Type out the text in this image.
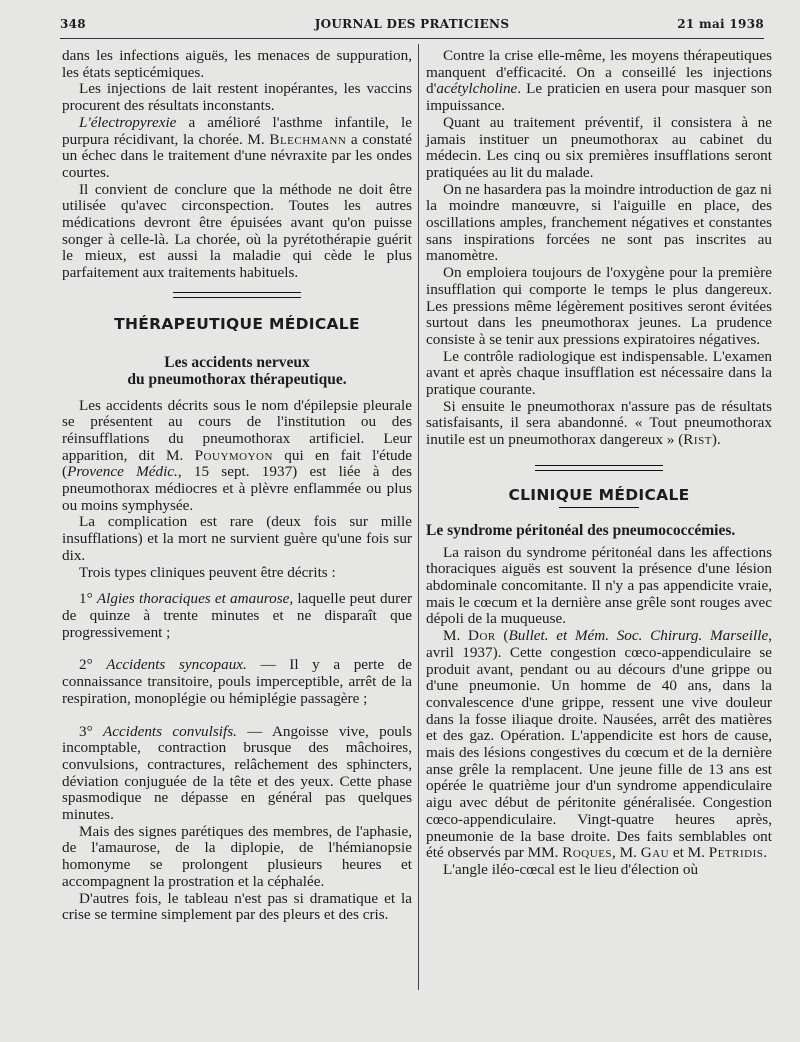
348	JOURNAL DES PRATICIENS	21 mai 1938

dans les infections aiguës, les menaces de suppuration, les états septicémiques.

Les injections de lait restent inopérantes, les vaccins procurent des résultats inconstants.

L'électropyrexie a amélioré l'asthme infantile, le purpura récidivant, la chorée. M. Blechmann a constaté un échec dans le traitement d'une névraxite par les ondes courtes.

Il convient de conclure que la méthode ne doit être utilisée qu'avec circonspection. Toutes les autres médications devront être épuisées avant qu'on puisse songer à celle-là. La chorée, où la pyrétothérapie guérit le mieux, est aussi la maladie qui cède le plus parfaitement aux traitements habituels.

THÉRAPEUTIQUE MÉDICALE
Les accidents nerveux
du pneumothorax thérapeutique.

Les accidents décrits sous le nom d'épilepsie pleurale se présentent au cours de l'institution ou des réinsufflations du pneumothorax artificiel. Leur apparition, dit M. Pouymoyon qui en fait l'étude (Provence Médic., 15 sept. 1937) est liée à des pneumothorax médiocres et à plèvre enflammée ou plus ou moins symphysée.

La complication est rare (deux fois sur mille insufflations) et la mort ne survient guère qu'une fois sur dix.

Trois types cliniques peuvent être décrits :

1° Algies thoraciques et amaurose, laquelle peut durer de quinze à trente minutes et ne disparaît que progressivement ;

2° Accidents syncopaux. — Il y a perte de connaissance transitoire, pouls imperceptible, arrêt de la respiration, monoplégie ou hémiplégie passagère ;

3° Accidents convulsifs. — Angoisse vive, pouls incomptable, contraction brusque des mâchoires, convulsions, contractures, relâchement des sphincters, déviation conjuguée de la tête et des yeux. Cette phase spasmodique ne dépasse en général pas quelques minutes.

Mais des signes parétiques des membres, de l'aphasie, de l'amaurose, de la diplopie, de l'hémianopsie homonyme se prolongent plusieurs heures et accompagnent la prostration et la céphalée.

D'autres fois, le tableau n'est pas si dramatique et la crise se termine simplement par des pleurs et des cris.

Contre la crise elle-même, les moyens thérapeutiques manquent d'efficacité. On a conseillé les injections d'acétylcholine. Le praticien en usera pour masquer son impuissance.

Quant au traitement préventif, il consistera à ne jamais instituer un pneumothorax au cabinet du médecin. Les cinq ou six premières insufflations seront pratiquées au lit du malade.

On ne hasardera pas la moindre introduction de gaz ni la moindre manœuvre, si l'aiguille en place, des oscillations amples, franchement négatives et constantes sans inspirations forcées ne sont pas inscrites au manomètre.

On emploiera toujours de l'oxygène pour la première insufflation qui comporte le temps le plus dangereux. Les pressions même légèrement positives seront évitées surtout dans les pneumothorax jeunes. La prudence consiste à se tenir aux pressions expiratoires négatives.

Le contrôle radiologique est indispensable. L'examen avant et après chaque insufflation est nécessaire dans la pratique courante.

Si ensuite le pneumothorax n'assure pas de résultats satisfaisants, il sera abandonné. « Tout pneumothorax inutile est un pneumothorax dangereux » (Rist).

CLINIQUE MÉDICALE
Le syndrome péritonéal des pneumococcémies.

La raison du syndrome péritonéal dans les affections thoraciques aiguës est souvent la présence d'une lésion abdominale concomitante. Il n'y a pas appendicite vraie, mais le cœcum et la dernière anse grêle sont rouges avec dépoli de la muqueuse.

M. Dor (Bullet. et Mém. Soc. Chirurg. Marseille, avril 1937). Cette congestion cœco-appendiculaire se produit avant, pendant ou au décours d'une grippe ou d'une pneumonie. Un homme de 40 ans, dans la convalescence d'une grippe, ressent une vive douleur dans la fosse iliaque droite. Nausées, arrêt des matières et des gaz. Opération. L'appendicite est hors de cause, mais des lésions congestives du cœcum et de la dernière anse grêle la remplacent. Une jeune fille de 13 ans est opérée le quatrième jour d'un syndrome appendiculaire aigu avec début de péritonite généralisée. Congestion cœco-appendiculaire. Vingt-quatre heures après, pneumonie de la base droite. Des faits semblables ont été observés par MM. Roques, M. Gau et M. Petridis.

L'angle iléo-cœcal est le lieu d'élection où
